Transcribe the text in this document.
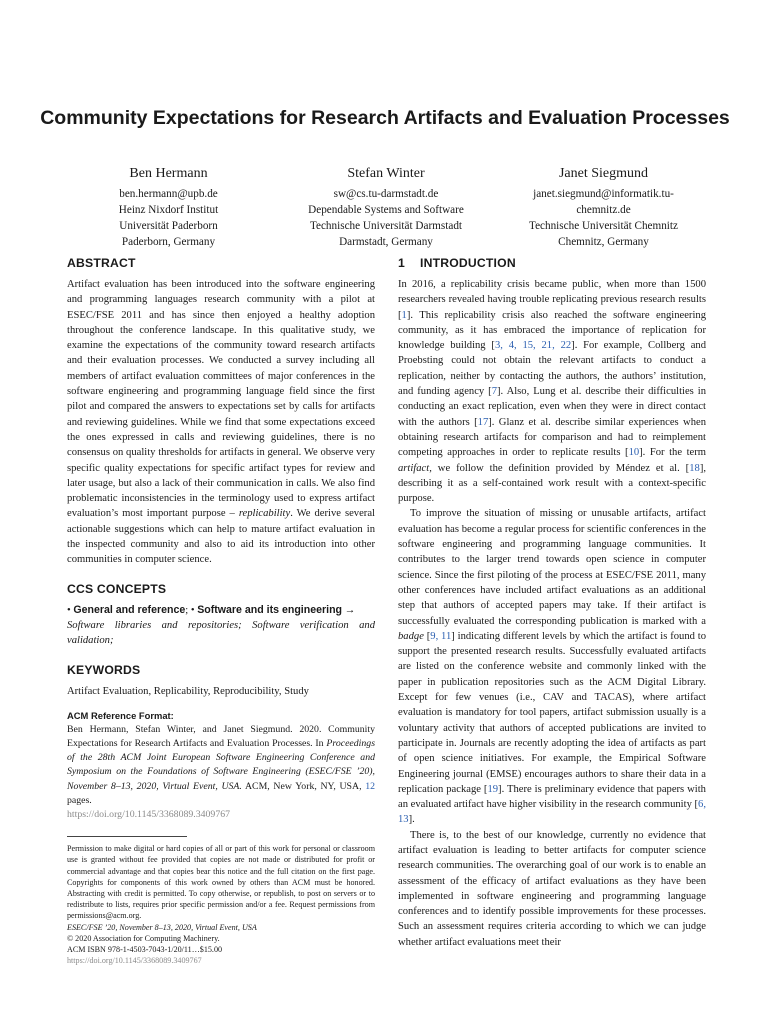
Community Expectations for Research Artifacts and Evaluation Processes
Ben Hermann
ben.hermann@upb.de
Heinz Nixdorf Institut
Universität Paderborn
Paderborn, Germany
Stefan Winter
sw@cs.tu-darmstadt.de
Dependable Systems and Software
Technische Universität Darmstadt
Darmstadt, Germany
Janet Siegmund
janet.siegmund@informatik.tu-chemnitz.de
Technische Universität Chemnitz
Chemnitz, Germany
ABSTRACT

Artifact evaluation has been introduced into the software engineering and programming languages research community with a pilot at ESEC/FSE 2011 and has since then enjoyed a healthy adoption throughout the conference landscape. In this qualitative study, we examine the expectations of the community toward research artifacts and their evaluation processes. We conducted a survey including all members of artifact evaluation committees of major conferences in the software engineering and programming language field since the first pilot and compared the answers to expectations set by calls for artifacts and reviewing guidelines. While we find that some expectations exceed the ones expressed in calls and reviewing guidelines, there is no consensus on quality thresholds for artifacts in general. We observe very specific quality expectations for specific artifact types for review and later usage, but also a lack of their communication in calls. We also find problematic inconsistencies in the terminology used to express artifact evaluation’s most important purpose – replicability. We derive several actionable suggestions which can help to mature artifact evaluation in the inspected community and also to aid its introduction into other communities in computer science.

CCS CONCEPTS

• General and reference; • Software and its engineering →
Software libraries and repositories; Software verification and validation;

KEYWORDS

Artifact Evaluation, Replicability, Reproducibility, Study

ACM Reference Format:

Ben Hermann, Stefan Winter, and Janet Siegmund. 2020. Community Expectations for Research Artifacts and Evaluation Processes. In Proceedings of the 28th ACM Joint European Software Engineering Conference and Symposium on the Foundations of Software Engineering (ESEC/FSE ’20), November 8–13, 2020, Virtual Event, USA. ACM, New York, NY, USA, 12 pages.
https://doi.org/10.1145/3368089.3409767

Permission to make digital or hard copies of all or part of this work for personal or classroom use is granted without fee provided that copies are not made or distributed for profit or commercial advantage and that copies bear this notice and the full citation on the first page. Copyrights for components of this work owned by others than ACM must be honored. Abstracting with credit is permitted. To copy otherwise, or republish, to post on servers or to redistribute to lists, requires prior specific permission and/or a fee. Request permissions from permissions@acm.org.

ESEC/FSE ’20, November 8–13, 2020, Virtual Event, USA

© 2020 Association for Computing Machinery.

ACM ISBN 978-1-4503-7043-1/20/11…$15.00

https://doi.org/10.1145/3368089.3409767

1 INTRODUCTION

In 2016, a replicability crisis became public, when more than 1500 researchers revealed having trouble replicating previous research results [1]. This replicability crisis also reached the software engineering community, as it has embraced the importance of replication for knowledge building [3, 4, 15, 21, 22]. For example, Collberg and Proebsting could not obtain the relevant artifacts to conduct a replication, neither by contacting the authors, the authors’ institution, and funding agency [7]. Also, Lung et al. describe their difficulties in conducting an exact replication, even when they were in direct contact with the authors [17]. Glanz et al. describe similar experiences when obtaining research artifacts for comparison and had to reimplement competing approaches in order to replicate results [10]. For the term artifact, we follow the definition provided by Méndez et al. [18], describing it as a self-contained work result with a context-specific purpose.

To improve the situation of missing or unusable artifacts, artifact evaluation has become a regular process for scientific conferences in the software engineering and programming language communities. It contributes to the larger trend towards open science in computer science. Since the first piloting of the process at ESEC/FSE 2011, many other conferences have included artifact evaluations as an additional step that authors of accepted papers may take. If their artifact is successfully evaluated the corresponding publication is marked with a badge [9, 11] indicating different levels by which the artifact is found to support the presented research results. Successfully evaluated artifacts are listed on the conference website and commonly linked with the paper in publication repositories such as the ACM Digital Library. Except for few venues (i.e., CAV and TACAS), where artifact evaluation is mandatory for tool papers, artifact submission usually is a voluntary activity that authors of accepted publications are invited to participate in. Journals are recently adopting the idea of artifacts as part of open science initiatives. For example, the Empirical Software Engineering journal (EMSE) encourages authors to share their data in a replication package [19]. There is preliminary evidence that papers with an evaluated artifact have higher visibility in the research community [6, 13].

There is, to the best of our knowledge, currently no evidence that artifact evaluation is leading to better artifacts for computer science research communities. The overarching goal of our work is to enable an assessment of the efficacy of artifact evaluations as they have been implemented in software engineering and programming language conferences and to identify possible improvements for these processes. Such an assessment requires criteria according to which we can judge whether artifact evaluations meet their
